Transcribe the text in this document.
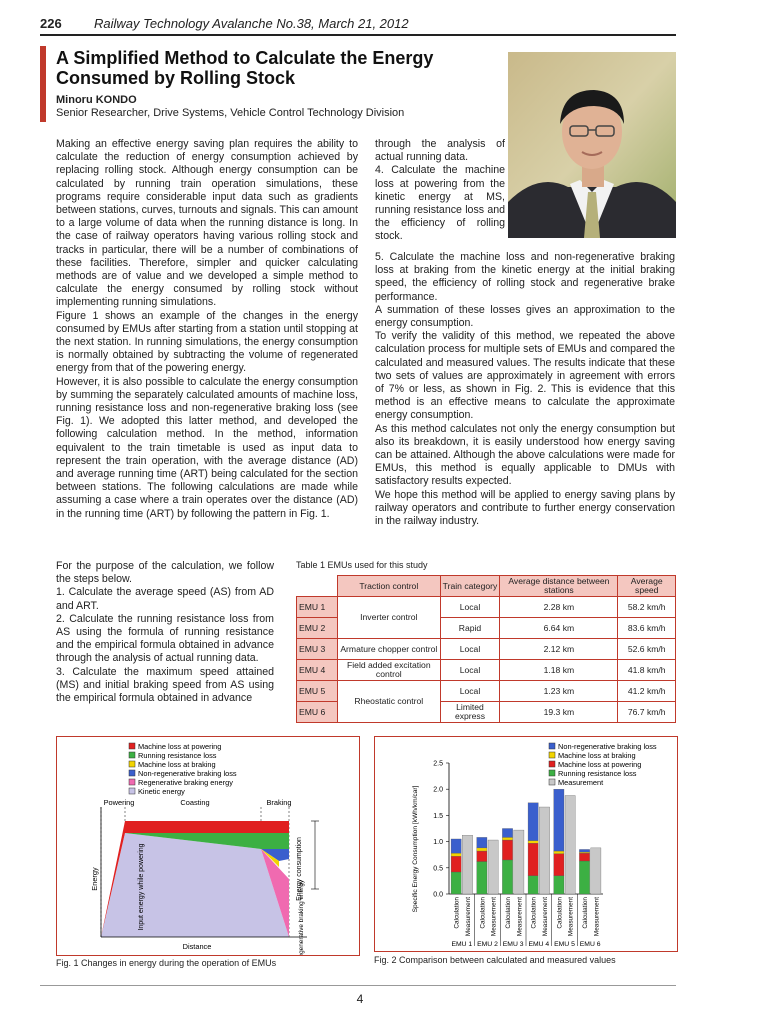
226 Railway Technology Avalanche No.38, March 21, 2012
A Simplified Method to Calculate the Energy
Consumed by Rolling Stock
Minoru KONDO
Senior Researcher, Drive Systems, Vehicle Control Technology Division

Making an effective energy saving plan requires the ability to calculate the reduction of energy consumption achieved by replacing rolling stock. Although energy consumption can be calculated by running train operation simulations, these programs require considerable input data such as gradients between stations, curves, turnouts and signals. This can amount to a large volume of data when the running distance is long. In the case of railway operators having various rolling stock and tracks in particular, there will be a number of combinations of these facilities. Therefore, simpler and quicker calculating methods are of value and we developed a simple method to calculate the energy consumed by rolling stock without implementing running simulations.

Figure 1 shows an example of the changes in the energy consumed by EMUs after starting from a station until stopping at the next station. In running simulations, the energy consumption is normally obtained by subtracting the volume of regenerated energy from that of the powering energy.

However, it is also possible to calculate the energy consumption by summing the separately calculated amounts of machine loss, running resistance loss and non-regenerative braking loss (see Fig. 1). We adopted this latter method, and developed the following calculation method. In the method, information equivalent to the train timetable is used as input data to represent the train operation, with the average distance (AD) and average running time (ART) being calculated for the section between stations. The following calculations are made while assuming a case where a train operates over the distance (AD) in the running time (ART) by following the pattern in Fig. 1.

through the analysis of actual running data.

4. Calculate the machine loss at powering from the kinetic energy at MS, running resistance loss and the efficiency of rolling stock.

5. Calculate the machine loss and non-regenerative braking loss at braking from the kinetic energy at the initial braking speed, the efficiency of rolling stock and regenerative brake performance.

A summation of these losses gives an approximation to the energy consumption.

To verify the validity of this method, we repeated the above calculation process for multiple sets of EMUs and compared the calculated and measured values. The results indicate that these two sets of values are approximately in agreement with errors of 7% or less, as shown in Fig. 2. This is evidence that this method is an effective means to calculate the approximate energy consumption.

As this method calculates not only the energy consumption but also its breakdown, it is easily understood how energy saving can be attained. Although the above calculations were made for EMUs, this method is equally applicable to DMUs with satisfactory results expected.

We hope this method will be applied to energy saving plans by railway operators and contribute to further energy conservation in the railway industry.

For the purpose of the calculation, we follow the steps below.

1. Calculate the average speed (AS) from AD and ART.

2. Calculate the running resistance loss from AS using the formula of running resistance and the empirical formula obtained in advance through the analysis of actual running data.

3. Calculate the maximum speed attained (MS) and initial braking speed from AS using the empirical formula obtained in advance

Table 1 EMUs used for this study
	Traction control	Train category	Average distance between stations	Average speed
EMU 1	Inverter control	Local	2.28 km	58.2 km/h
EMU 2		Rapid	6.64 km	83.6 km/h
EMU 3	Armature chopper control	Local	2.12 km	52.6 km/h
EMU 4	Field added excitation control	Local	1.18 km	41.8 km/h
EMU 5	Rheostatic control	Local	1.23 km	41.2 km/h
EMU 6		Limited express	19.3 km	76.7 km/h
Machine loss at powering
Running resistance loss
Machine loss at braking
Non-regenerative braking loss
Regenerative braking energy
Kinetic energy
Powering	Coasting	Braking
Energy
Distance
Input energy while powering	Energy consumption
Regenerative braking energy
Fig. 1 Changes in energy during the operation of EMUs
Non-regenerative braking loss
Machine loss at braking
Machine loss at powering
Running resistance loss
Measurement
Specific Energy Consumption [kWh/km/car] 0.0
0.5
1.0
1.5
2.0
2.5
Calculation Measurement
EMU 1
Calculation Measurement
EMU 2
Calculation Measurement
EMU 3
Calculation Measurement
EMU 4
Calculation Measurement
EMU 5
Calculation Measurement
EMU 6
Fig. 2 Comparison between calculated and measured values
4
